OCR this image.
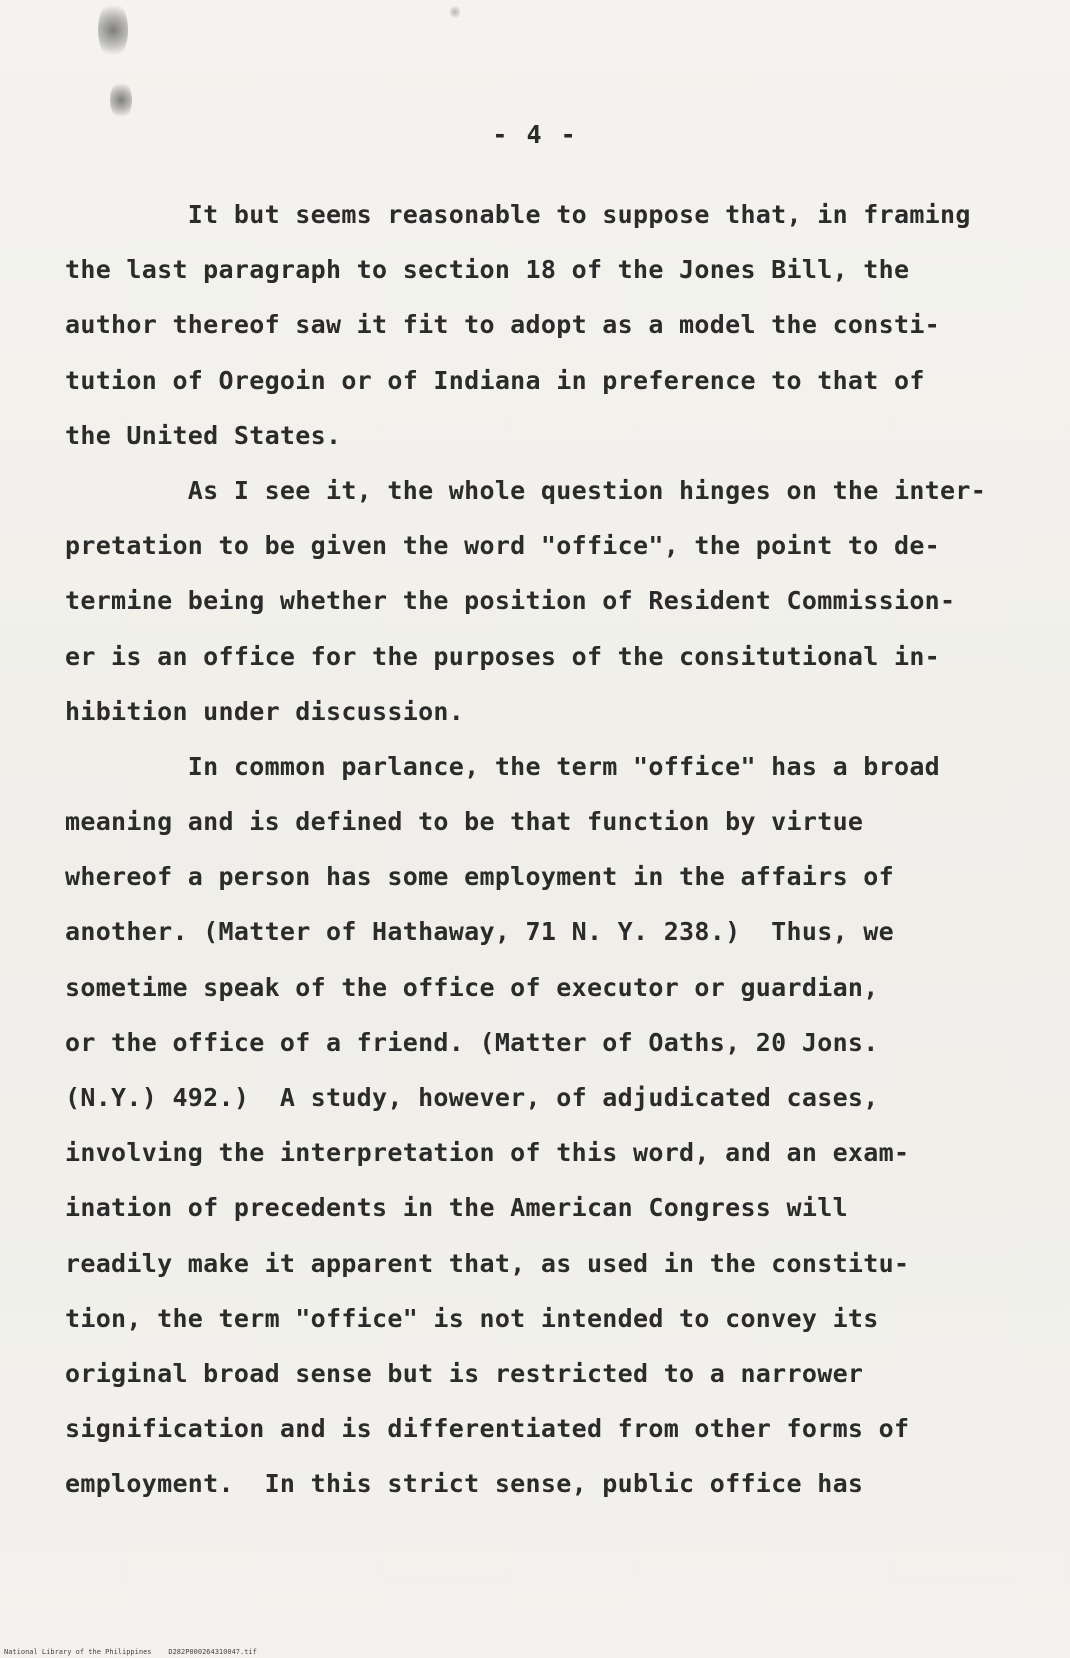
- 4 -
It but seems reasonable to suppose that, in framing
the last paragraph to section 18 of the Jones Bill, the
author thereof saw it fit to adopt as a model the consti-
tution of Oregoin or of Indiana in preference to that of
the United States.
As I see it, the whole question hinges on the inter-
pretation to be given the word "office", the point to de-
termine being whether the position of Resident Commission-
er is an office for the purposes of the consitutional in-
hibition under discussion.
In common parlance, the term "office" has a broad
meaning and is defined to be that function by virtue
whereof a person has some employment in the affairs of
another. (Matter of Hathaway, 71 N. Y. 238.)  Thus, we
sometime speak of the office of executor or guardian,
or the office of a friend. (Matter of Oaths, 20 Jons.
(N.Y.) 492.)  A study, however, of adjudicated cases,
involving the interpretation of this word, and an exam-
ination of precedents in the American Congress will
readily make it apparent that, as used in the constitu-
tion, the term "office" is not intended to convey its
original broad sense but is restricted to a narrower
signification and is differentiated from other forms of
employment.  In this strict sense, public office has
National Library of the Philippines    D282P000264310047.tif
